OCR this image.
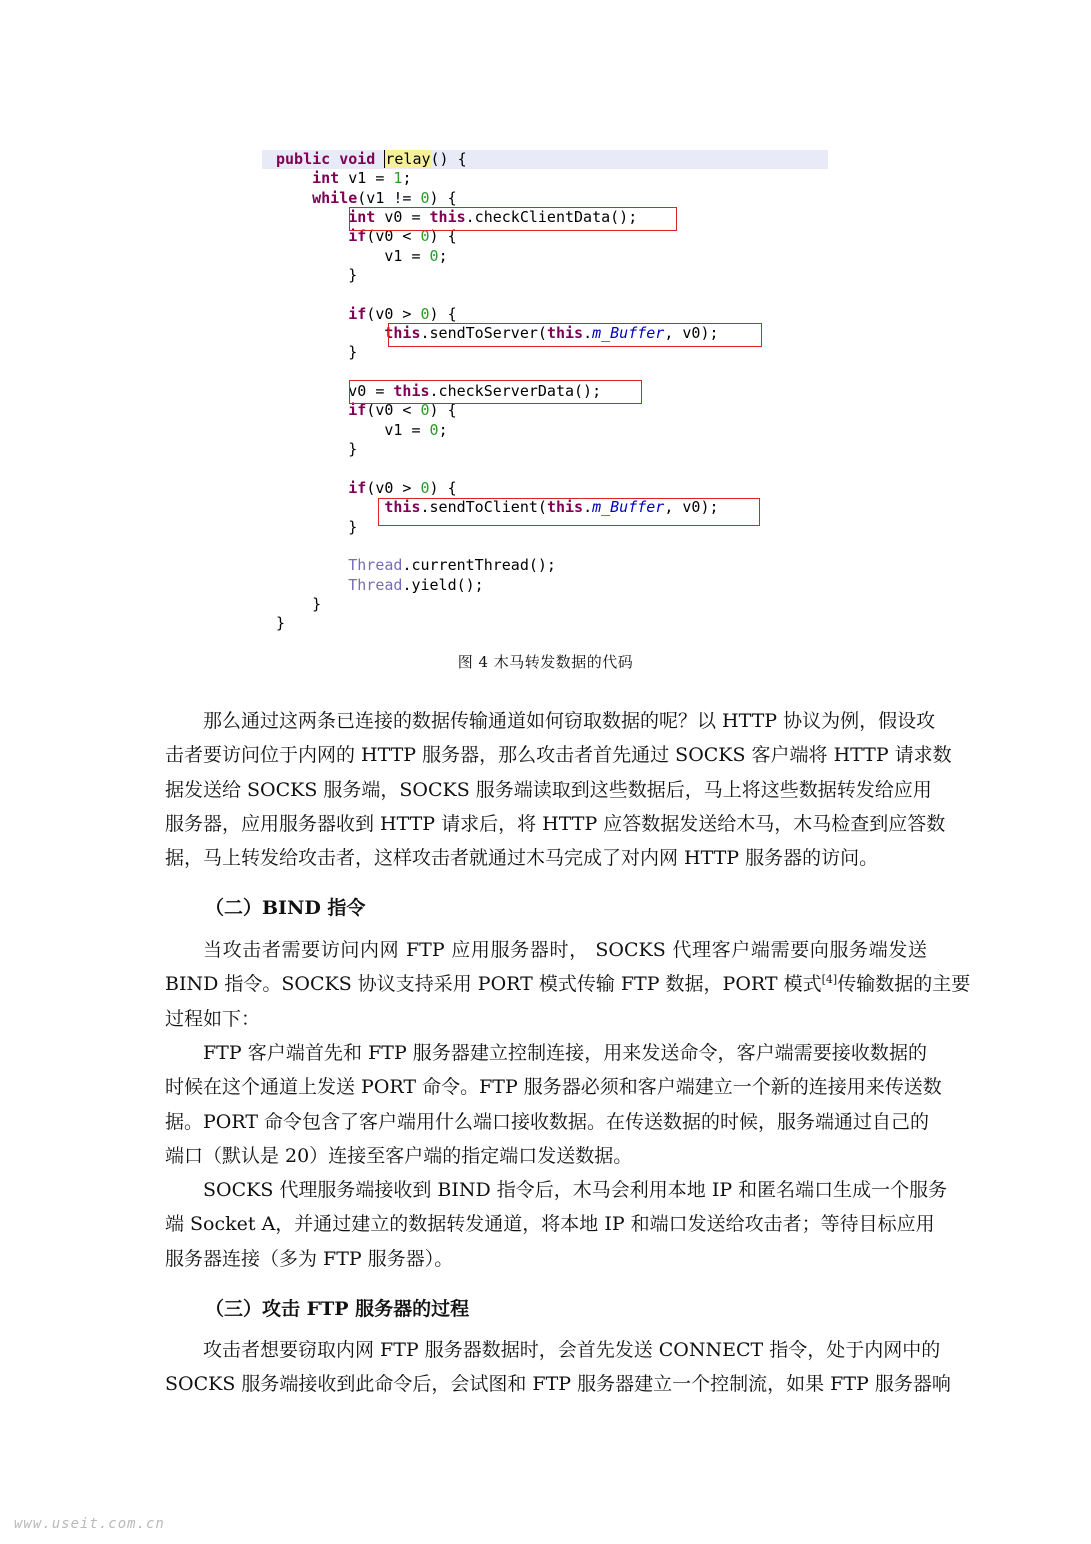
public void relay() {
int v1 = 1;
while(v1 != 0) {
int v0 = this.checkClientData();
if(v0 < 0) {
v1 = 0;
}
if(v0 > 0) {
this.sendToServer(this.m_Buffer, v0);
}
v0 = this.checkServerData();
if(v0 < 0) {
v1 = 0;
}
if(v0 > 0) {
this.sendToClient(this.m_Buffer, v0);
}
Thread.currentThread();
Thread.yield();
}
}
图 4 木马转发数据的代码
那么通过这两条已连接的数据传输通道如何窃取数据的呢？以 HTTP 协议为例，假设攻
击者要访问位于内网的 HTTP 服务器，那么攻击者首先通过 SOCKS 客户端将 HTTP 请求数
据发送给 SOCKS 服务端，SOCKS 服务端读取到这些数据后，马上将这些数据转发给应用
服务器，应用服务器收到 HTTP 请求后，将 HTTP 应答数据发送给木马，木马检查到应答数
据，马上转发给攻击者，这样攻击者就通过木马完成了对内网 HTTP 服务器的访问。
（二）BIND 指令
当攻击者需要访问内网 FTP 应用服务器时， SOCKS 代理客户端需要向服务端发送
BIND 指令。SOCKS 协议支持采用 PORT 模式传输 FTP 数据，PORT 模式[4]传输数据的主要
过程如下：
FTP 客户端首先和 FTP 服务器建立控制连接，用来发送命令，客户端需要接收数据的
时候在这个通道上发送 PORT 命令。FTP 服务器必须和客户端建立一个新的连接用来传送数
据。PORT 命令包含了客户端用什么端口接收数据。在传送数据的时候，服务端通过自己的
端口（默认是 20）连接至客户端的指定端口发送数据。
SOCKS 代理服务端接收到 BIND 指令后，木马会利用本地 IP 和匿名端口生成一个服务
端 Socket A，并通过建立的数据转发通道，将本地 IP 和端口发送给攻击者；等待目标应用
服务器连接（多为 FTP 服务器）。
（三）攻击 FTP 服务器的过程
攻击者想要窃取内网 FTP 服务器数据时，会首先发送 CONNECT 指令，处于内网中的
SOCKS 服务端接收到此命令后，会试图和 FTP 服务器建立一个控制流，如果 FTP 服务器响
www.useit.com.cn
